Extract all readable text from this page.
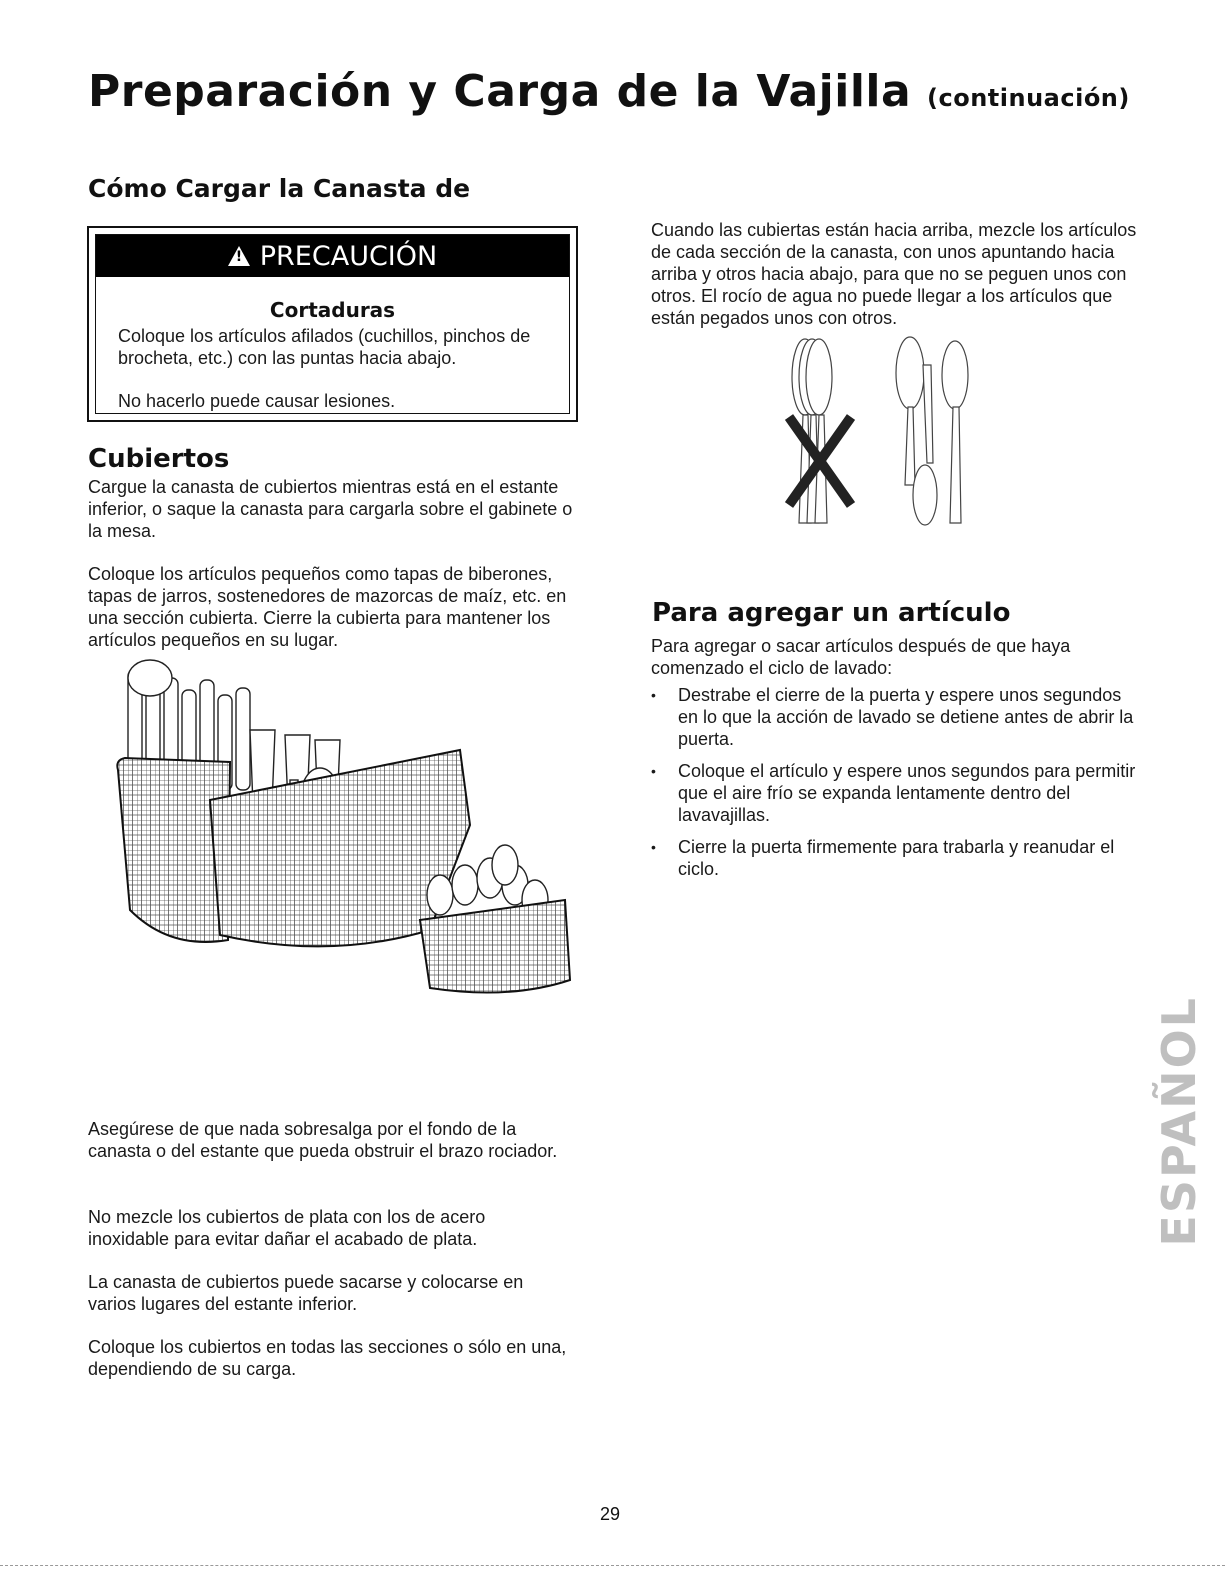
Preparación y Carga de la Vajilla (continuación)
Cómo Cargar la Canasta de
! PRECAUCIÓN
Cortaduras
Coloque los artículos afilados (cuchillos, pinchos de brocheta, etc.) con las puntas hacia abajo.
No hacerlo puede causar lesiones.
Cubiertos
Cargue la canasta de cubiertos mientras está en el estante inferior, o saque la canasta para cargarla sobre el gabinete o la mesa.
Coloque los artículos pequeños como tapas de biberones, tapas de jarros, sostenedores de mazorcas de maíz, etc. en una sección cubierta. Cierre la cubierta para mantener los artículos pequeños en su lugar.
Asegúrese de que nada sobresalga por el fondo de la canasta o del estante que pueda obstruir el brazo rociador.
No mezcle los cubiertos de plata con los de acero inoxidable para evitar dañar el acabado de plata.
La canasta de cubiertos puede sacarse y colocarse en varios lugares del estante inferior.
Coloque los cubiertos en todas las secciones o sólo en una, dependiendo de su carga.
Cuando las cubiertas están hacia arriba, mezcle los artículos de cada sección de la canasta, con unos apuntando hacia arriba y otros hacia abajo, para que no se peguen unos con otros. El rocío de agua no puede llegar a los artículos que están pegados unos con otros.
Para agregar un artículo
Para agregar o sacar artículos después de que haya comenzado el ciclo de lavado:
• Destrabe el cierre de la puerta y espere unos segundos en lo que la acción de lavado se detiene antes de abrir la puerta.
• Coloque el artículo y espere unos segundos para permitir que el aire frío se expanda lentamente dentro del lavavajillas.
• Cierre la puerta firmemente para trabarla y reanudar el ciclo.
ESPAÑOL
29
